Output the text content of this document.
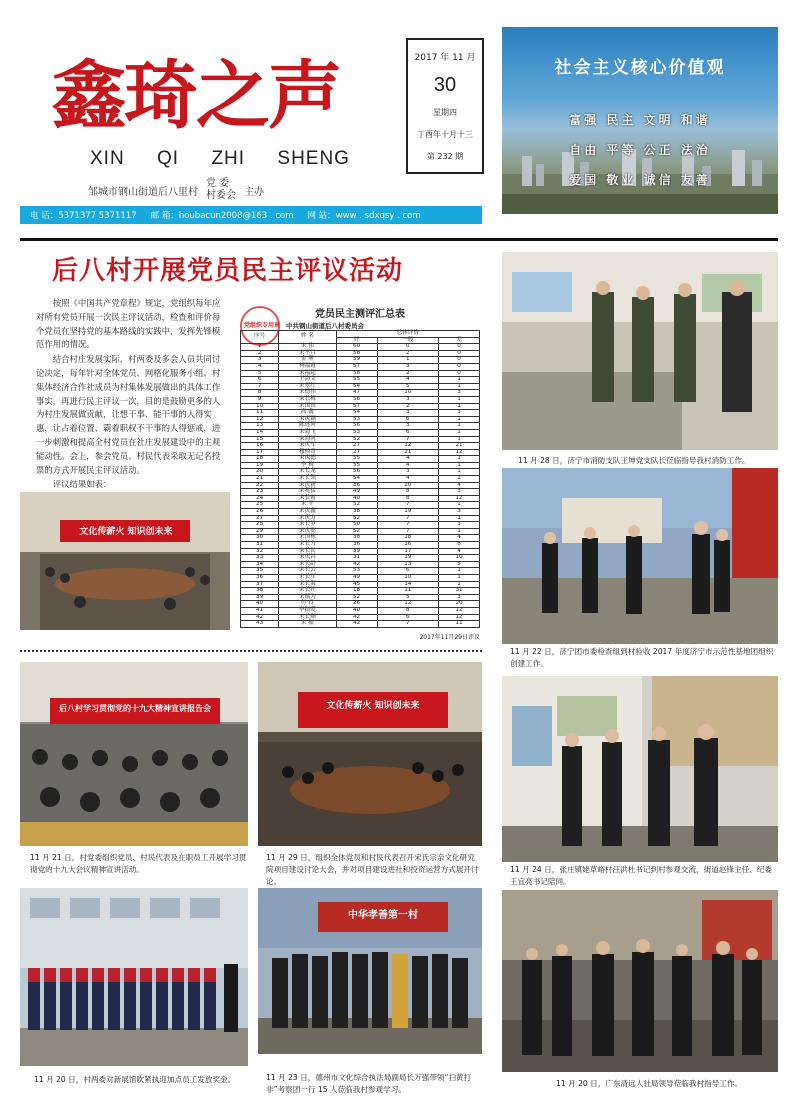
鑫琦之声
XIN QI ZHI SHENG
邹城市钢山街道后八里村
党 委
村委会 主办
2017 年 11 月
30
星期四
丁酉年十月十三
第 232 期
电 话：5371377 5371117 邮 箱：houbacun2008@163 . com 网 站：www . sdxqsy . com
社会主义核心价值观
富强 民主 文明 和谐
自由 平等 公正 法治
爱国 敬业 诚信 友善
后八村开展党员民主评议活动

按照《中国共产党章程》规定，党组织每年应对所有党员开展一次民主评议活动，检查和评价每个党员在坚持党的基本路线的实践中，发挥先锋模范作用的情况。

结合村庄发展实际，村两委及多会人员共同讨论决定，每年针对全体党员、网格化服务小组、村集体经济合作社成员为村集体发展做出的具体工作事实，再进行民主评议一次，目的是鼓励更多的人为村庄发展做贡献，让想干事、能干事的人得实惠，让占着位置、霸着职权不干事的人得惩戒，进一步刺激和提高全村党员在社庄发展建设中的主观能动性。会上，参会党员、村民代表采取无记名投票的方式开展民主评议活动。

评议结果如表：

文化传薪火 知识创未来
党组织专用章
党员民主测评汇总表
中共钢山街道后八村委员会
序号	姓 名	总体评价		
		好	一般	差
1	宋 伟	60	0	0
2	宋丕月	58	2	0
3	金 聚	59	1	0
4	杨福霞	57	3	0
5	宋福超	58	2	0
6	王海文	55	4	1
7	宋翠红	54	5	1
8	宋德伟	47	10	3
9	宋长梅	56	3	1
10	宋国田	57	2	1
11	高 鑫	54	3	3
12	宋庆颖	53	6	1
13	陈述河	56	3	1
14	宋海飞	53	6	1
15	宋海河	52	7	1
16	宋庆军	27	12	21
17	穆伯奇	27	21	12
18	宋庆德	55	4	1
19	李 梅	55	4	1
20	宋长龙	56	3	1
21	宋长领	54	4	2
22	宋庆新	36	20	4
23	宋兆猛	49	8	3
24	宋长霞	40	8	12
25	宋 平	52	7	1
26	宋庆鑫	38	19	3
27	宋庆力	52	7	1
28	宋长岁	50	7	3
29	宋庆高	52	7	1
30	宋国栋	38	18	4
31	宋长力	36	16	8
32	宋长民	39	17	4
33	宋庆昌	31	19	10
34	宋长龄	42	13	5
35	宋长云	53	6	1
36	宋长军	49	10	1
37	宋长海	45	14	1
38	宋长社	18	11	31
39	宋瑞为	52	5	3
40	付 良	26	12	20
41	李振爱	40	8	12
42	宋长顺	42	6	12
43	宋 振	42	7	11
2017年11月29日评议
11 月 28 日，济宁市消防支队王坤党支队长莅临指导我村消防工作。
11 月 22 日，济宁团市委检查组到村验收 2017 年度济宁市示范性基地团组织创建工作。
11 月 24 日，张庄镇姥草峪村汪洪杜书记到村参观交流，街道赵锋主任、纪委王宜亮书记陪同。
11 月 20 日，广东清远人社局领导莅临我村指导工作。
后八村学习贯彻党的十九大精神宣讲报告会
11 月 21 日，村党委组织党员、村民代表及在职员工开展学习贯彻党的十九大会议精神宣讲活动。
文化传薪火 知识创未来
11 月 29 日，组织全体党员和村民代表召开宋氏宗亲文化研究院项目建设讨论大会，并对项目建设进社和投资运营方式展开讨论。
11 月 20 日，村两委对新展馆吹紧执迎加点员工发放奖金。
中华孝善第一村
11 月 23 日，德州市文化综合执法局副局长万强带领“扫黄打非”考察团一行 15 人莅临我村参观学习。
